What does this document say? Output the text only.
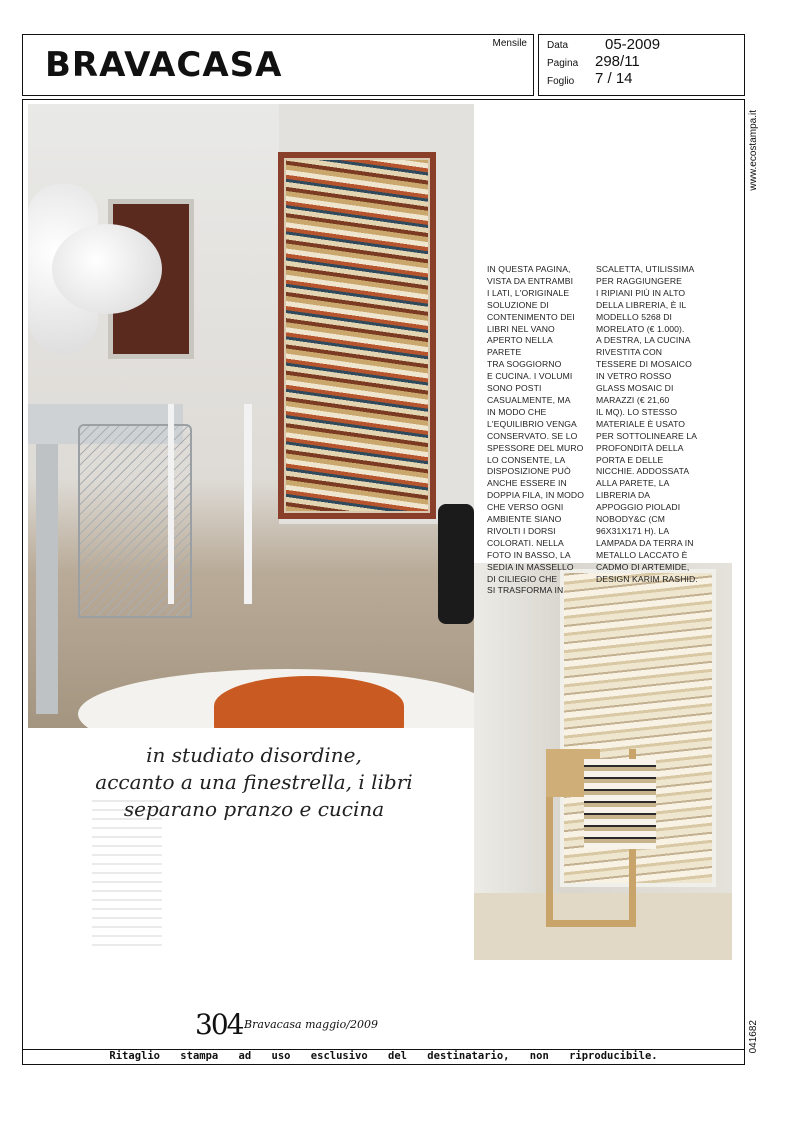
BRAVACASA
Mensile Data 05-2009
Pagina 298/11
Foglio 7 / 14
www.ecostampa.it
041682
IN QUESTA PAGINA,
VISTA DA ENTRAMBI
I LATI, L'ORIGINALE
SOLUZIONE DI
CONTENIMENTO DEI
LIBRI NEL VANO
APERTO NELLA PARETE
TRA SOGGIORNO
E CUCINA. I VOLUMI
SONO POSTI
CASUALMENTE, MA
IN MODO CHE
L'EQUILIBRIO VENGA
CONSERVATO. SE LO
SPESSORE DEL MURO
LO CONSENTE, LA
DISPOSIZIONE PUÒ
ANCHE ESSERE IN
DOPPIA FILA, IN MODO
CHE VERSO OGNI
AMBIENTE SIANO
RIVOLTI I DORSI
COLORATI. NELLA
FOTO IN BASSO, LA
SEDIA IN MASSELLO
DI CILIEGIO CHE
SI TRASFORMA IN
SCALETTA, UTILISSIMA
PER RAGGIUNGERE
I RIPIANI PIÙ IN ALTO
DELLA LIBRERIA, È IL
MODELLO 5268 DI
MORELATO (€ 1.000).
A DESTRA, LA CUCINA
RIVESTITA CON
TESSERE DI MOSAICO
IN VETRO ROSSO
GLASS MOSAIC DI
MARAZZI (€ 21,60
IL MQ). LO STESSO
MATERIALE È USATO
PER SOTTOLINEARE LA
PROFONDITÀ DELLA
PORTA E DELLE
NICCHIE. ADDOSSATA
ALLA PARETE, LA
LIBRERIA DA
APPOGGIO PIOLADI
NOBODY&C (CM
96X31X171 H). LA
LAMPADA DA TERRA IN
METALLO LACCATO È
CADMO DI ARTEMIDE,
DESIGN KARIM RASHID.
in studiato disordine,
accanto a una finestrella, i libri
separano pranzo e cucina
304 Bravacasa maggio/2009
Ritaglio stampa ad uso esclusivo del destinatario, non riproducibile.
